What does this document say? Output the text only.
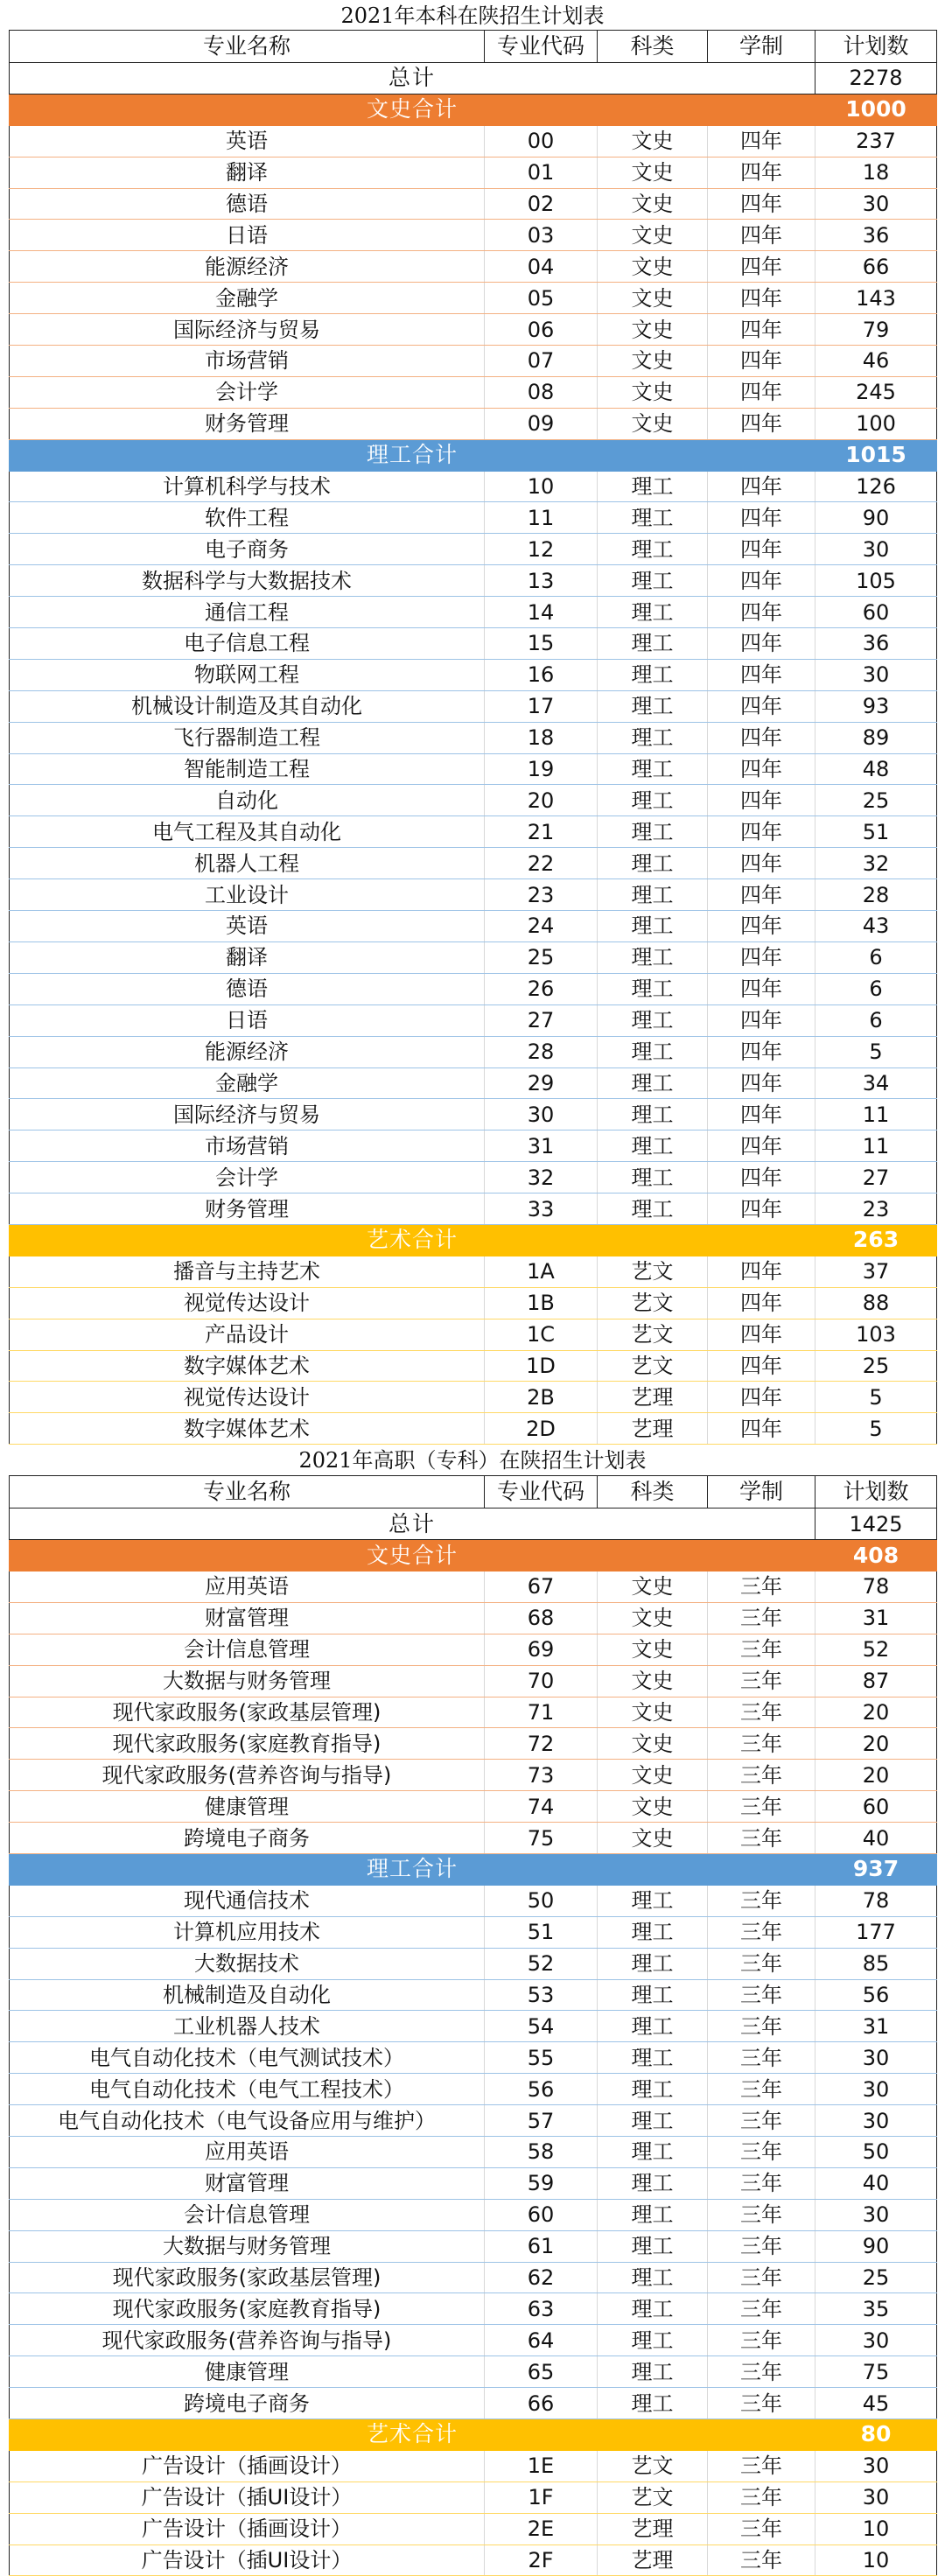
2021年本科在陕招生计划表
专业名称	专业代码	科类	学制	计划数
总计				2278
文史合计				1000
英语	00	文史	四年	237
翻译	01	文史	四年	18
德语	02	文史	四年	30
日语	03	文史	四年	36
能源经济	04	文史	四年	66
金融学	05	文史	四年	143
国际经济与贸易	06	文史	四年	79
市场营销	07	文史	四年	46
会计学	08	文史	四年	245
财务管理	09	文史	四年	100
理工合计				1015
计算机科学与技术	10	理工	四年	126
软件工程	11	理工	四年	90
电子商务	12	理工	四年	30
数据科学与大数据技术	13	理工	四年	105
通信工程	14	理工	四年	60
电子信息工程	15	理工	四年	36
物联网工程	16	理工	四年	30
机械设计制造及其自动化	17	理工	四年	93
飞行器制造工程	18	理工	四年	89
智能制造工程	19	理工	四年	48
自动化	20	理工	四年	25
电气工程及其自动化	21	理工	四年	51
机器人工程	22	理工	四年	32
工业设计	23	理工	四年	28
英语	24	理工	四年	43
翻译	25	理工	四年	6
德语	26	理工	四年	6
日语	27	理工	四年	6
能源经济	28	理工	四年	5
金融学	29	理工	四年	34
国际经济与贸易	30	理工	四年	11
市场营销	31	理工	四年	11
会计学	32	理工	四年	27
财务管理	33	理工	四年	23
艺术合计				263
播音与主持艺术	1A	艺文	四年	37
视觉传达设计	1B	艺文	四年	88
产品设计	1C	艺文	四年	103
数字媒体艺术	1D	艺文	四年	25
视觉传达设计	2B	艺理	四年	5
数字媒体艺术	2D	艺理	四年	5
2021年高职（专科）在陕招生计划表
专业名称	专业代码	科类	学制	计划数
总计				1425
文史合计				408
应用英语	67	文史	三年	78
财富管理	68	文史	三年	31
会计信息管理	69	文史	三年	52
大数据与财务管理	70	文史	三年	87
现代家政服务(家政基层管理)	71	文史	三年	20
现代家政服务(家庭教育指导)	72	文史	三年	20
现代家政服务(营养咨询与指导)	73	文史	三年	20
健康管理	74	文史	三年	60
跨境电子商务	75	文史	三年	40
理工合计				937
现代通信技术	50	理工	三年	78
计算机应用技术	51	理工	三年	177
大数据技术	52	理工	三年	85
机械制造及自动化	53	理工	三年	56
工业机器人技术	54	理工	三年	31
电气自动化技术（电气测试技术）	55	理工	三年	30
电气自动化技术（电气工程技术）	56	理工	三年	30
电气自动化技术（电气设备应用与维护）	57	理工	三年	30
应用英语	58	理工	三年	50
财富管理	59	理工	三年	40
会计信息管理	60	理工	三年	30
大数据与财务管理	61	理工	三年	90
现代家政服务(家政基层管理)	62	理工	三年	25
现代家政服务(家庭教育指导)	63	理工	三年	35
现代家政服务(营养咨询与指导)	64	理工	三年	30
健康管理	65	理工	三年	75
跨境电子商务	66	理工	三年	45
艺术合计				80
广告设计（插画设计）	1E	艺文	三年	30
广告设计（插UI设计）	1F	艺文	三年	30
广告设计（插画设计）	2E	艺理	三年	10
广告设计（插UI设计）	2F	艺理	三年	10
